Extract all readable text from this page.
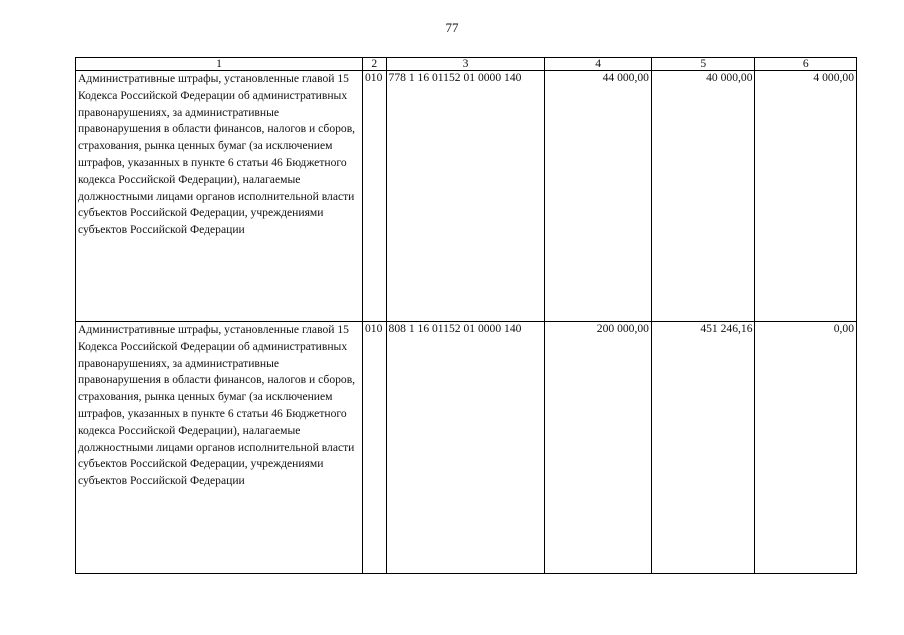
77
1	2	3	4	5	6
Административные штрафы, установленные главой 15 Кодекса Российской Федерации об административных правонарушениях, за административные правонарушения в области финансов, налогов и сборов, страхования, рынка ценных бумаг (за исключением штрафов, указанных в пункте 6 статьи 46 Бюджетного кодекса Российской Федерации), налагаемые должностными лицами органов исполнительной власти субъектов Российской Федерации, учреждениями субъектов Российской Федерации	010	778 1 16 01152 01 0000 140	44 000,00	40 000,00	4 000,00
Административные штрафы, установленные главой 15 Кодекса Российской Федерации об административных правонарушениях, за административные правонарушения в области финансов, налогов и сборов, страхования, рынка ценных бумаг (за исключением штрафов, указанных в пункте 6 статьи 46 Бюджетного кодекса Российской Федерации), налагаемые должностными лицами органов исполнительной власти субъектов Российской Федерации, учреждениями субъектов Российской Федерации	010	808 1 16 01152 01 0000 140	200 000,00	451 246,16	0,00
